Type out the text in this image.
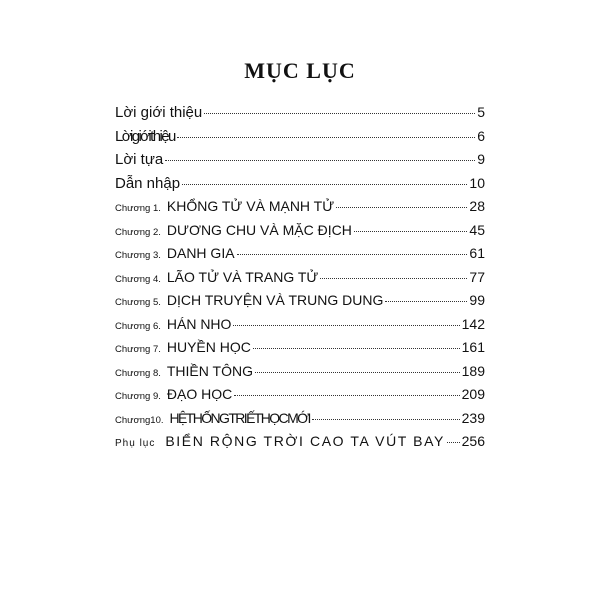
MỤC LỤC
Lời giới thiệu	5
Lờigiớithiệu	6
Lời tựa	9
Dẫn nhập	10
Chương 1. KHỔNG TỬ VÀ MẠNH TỬ	28
Chương 2. DƯƠNG CHU VÀ MẶC ĐỊCH	45
Chương 3. DANH GIA	61
Chương 4. LÃO TỬ VÀ TRANG TỬ	77
Chương 5. DỊCH TRUYỆN VÀ TRUNG DUNG	99
Chương 6. HÁN NHO	142
Chương 7. HUYỀN HỌC	161
Chương 8. THIỀN TÔNG	189
Chương 9. ĐẠO HỌC	209
Chương10. HỆTHỐNGTRIẾTHỌCMỚI	239
Phụ lục BIỂN RỘNG TRỜI CAO TA VÚT BAY 256
